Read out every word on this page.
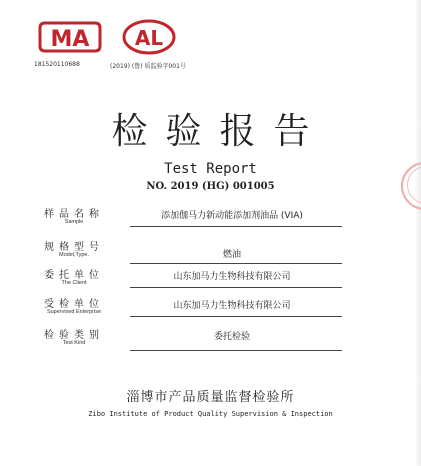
MA AL
181520110688	(2019) (鲁) 质监验字001号
检验报告
Test Report
NO. 2019 (HG) 001005
样品名称
Sample
添加伽马力新动能添加剂油品 (VIA)
规格型号
Model,Type.	燃油
委托单位
The Client
山东加马力生物科技有限公司
受检单位
Supervised Enterprise
山东加马力生物科技有限公司
检验类别
Test Kind
委托检验
淄博市产品质量监督检验所
Zibo Institute of Product Quality Supervision & Inspection
